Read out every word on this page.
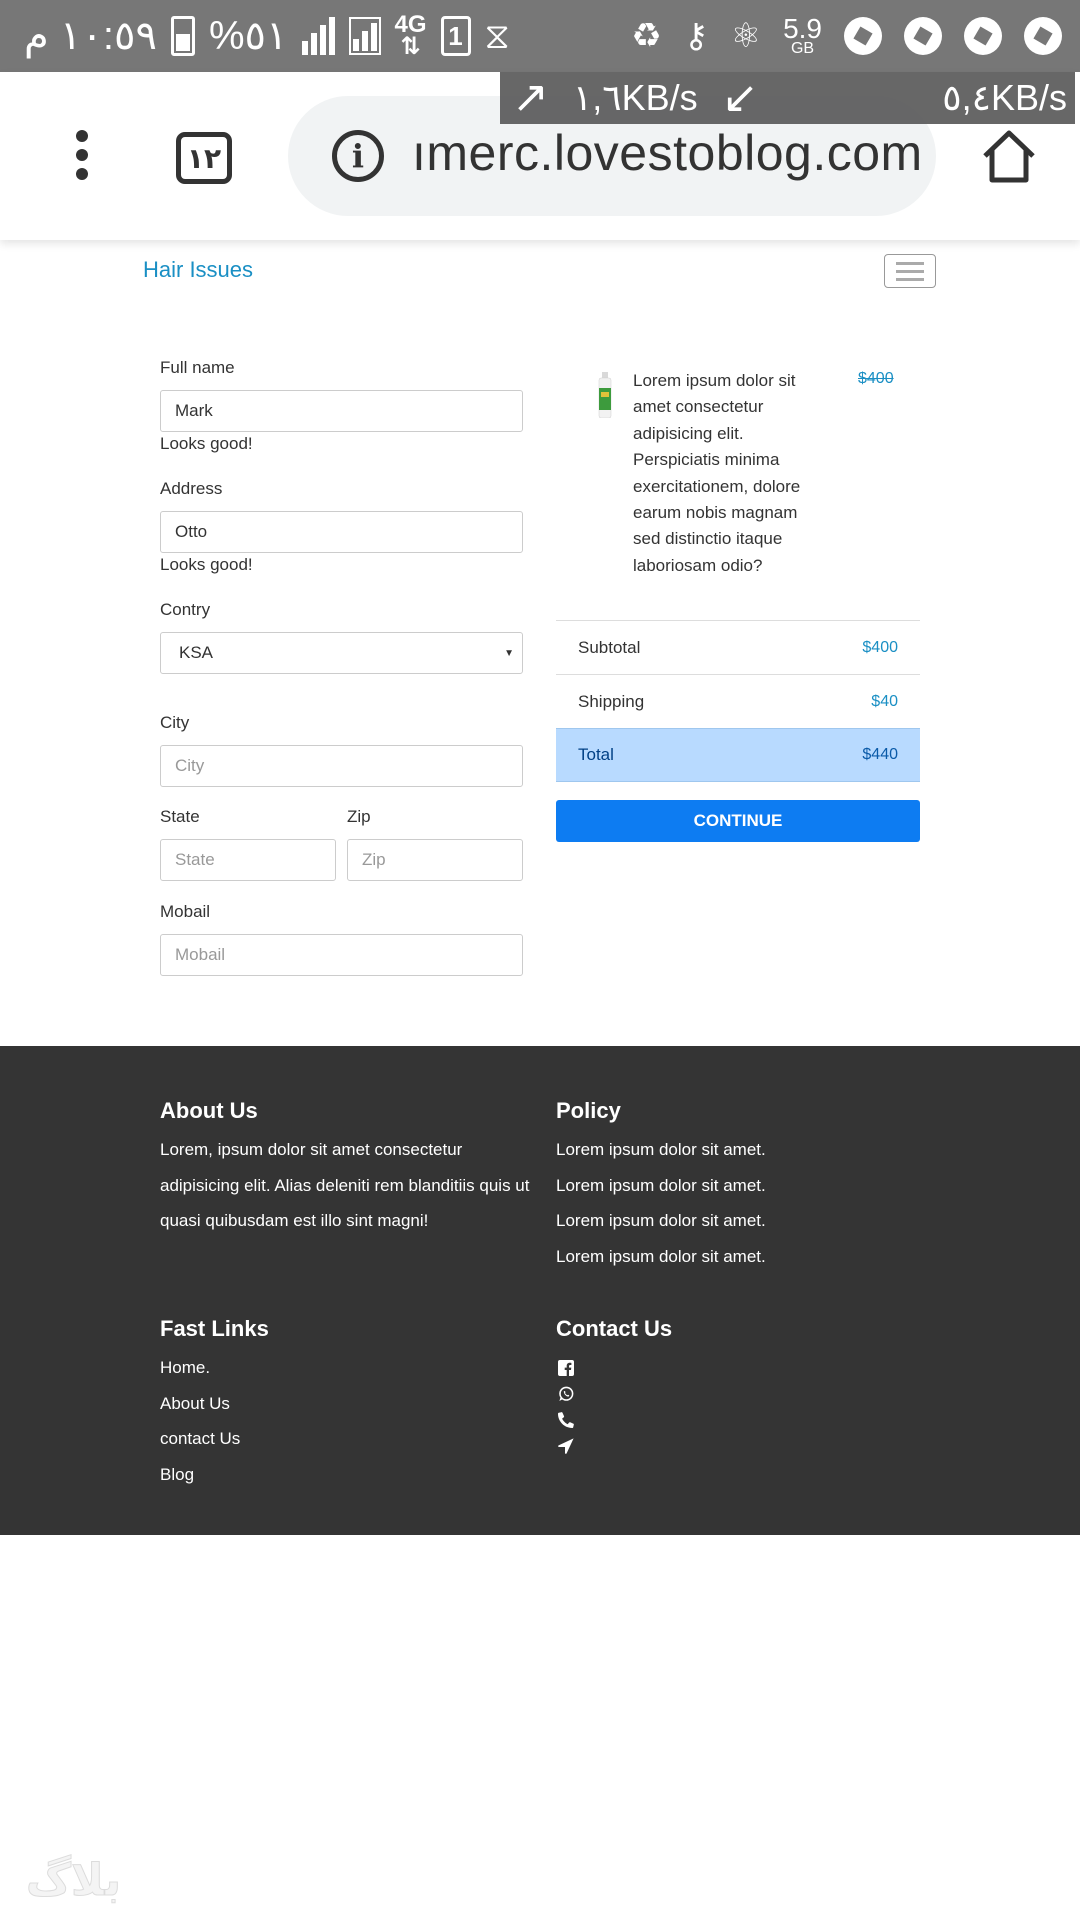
١٠:٥٩ م %٥١	4G
⇅ 1 ⧖	♻ ⚷ ⚛ 5.9
GB
١٢	i ımerc.lovestoblog.com
↗ ١,٦KB/s ↙	٥,٤KB/s
Hair Issues
Full name
Mark
Looks good!
Address
Otto
Looks good!
Contry
KSA	▼
City
City
State
State
Zip
Zip
Mobail
Mobail
Lorem ipsum dolor sit amet consectetur adipisicing elit. Perspiciatis minima exercitationem, dolore earum nobis magnam sed distinctio itaque laboriosam odio?
$400
Subtotal	$400
Shipping	$40
Total	$440
CONTINUE
About Us

Lorem, ipsum dolor sit amet consectetur adipisicing elit. Alias deleniti rem blanditiis quis ut quasi quibusdam est illo sint magni!

Policy
Lorem ipsum dolor sit amet.
Lorem ipsum dolor sit amet.
Lorem ipsum dolor sit amet.
Lorem ipsum dolor sit amet.
Fast Links
Home.
About Us
contact Us
Blog
Contact Us
بلاگ
